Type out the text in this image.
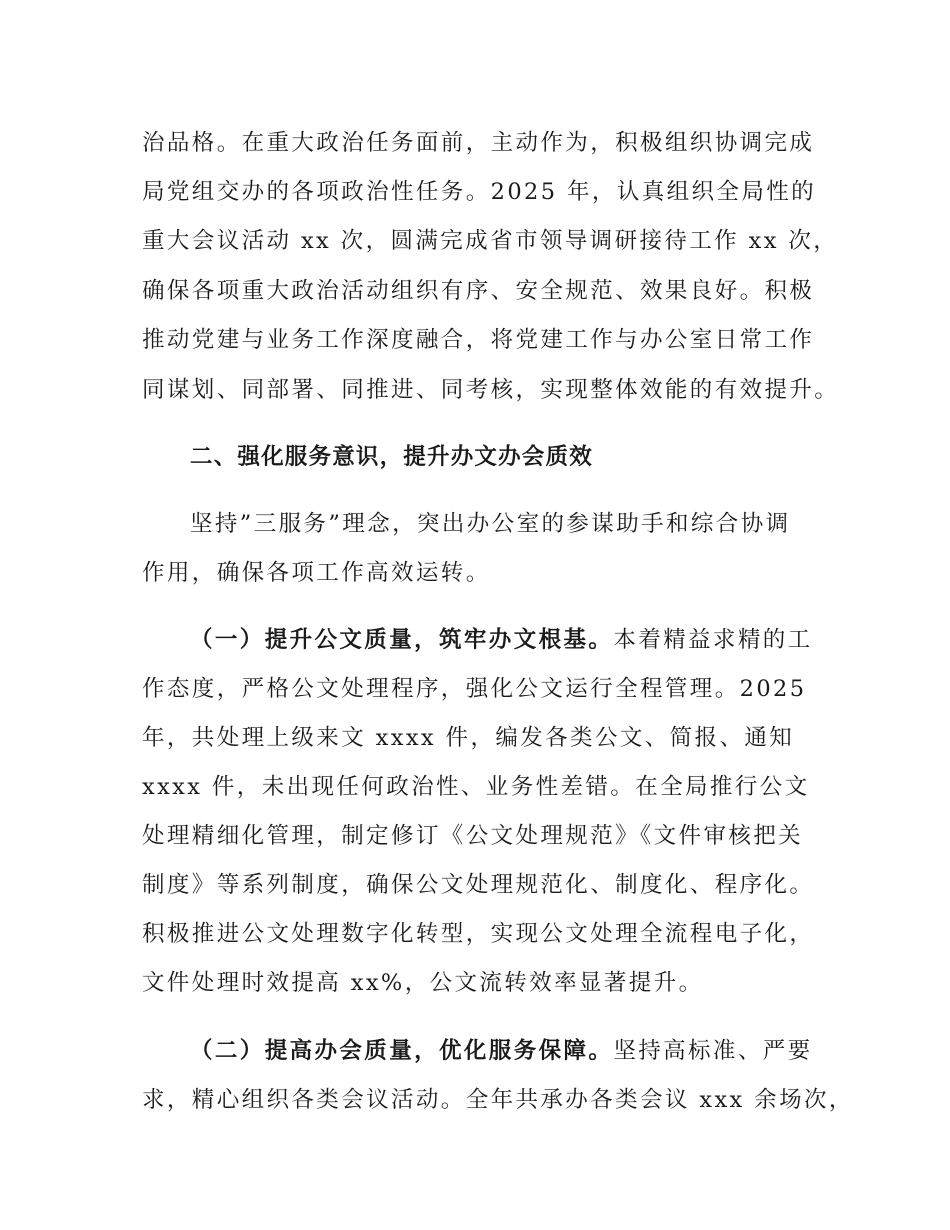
治品格。在重大政治任务面前，主动作为，积极组织协调完成
局党组交办的各项政治性任务。2025 年，认真组织全局性的
重大会议活动 xx 次，圆满完成省市领导调研接待工作 xx 次，
确保各项重大政治活动组织有序、安全规范、效果良好。积极
推动党建与业务工作深度融合，将党建工作与办公室日常工作
同谋划、同部署、同推进、同考核，实现整体效能的有效提升。
二、强化服务意识，提升办文办会质效
坚持”三服务”理念，突出办公室的参谋助手和综合协调
作用，确保各项工作高效运转。
（一）提升公文质量，筑牢办文根基。本着精益求精的工
作态度，严格公文处理程序，强化公文运行全程管理。2025
年，共处理上级来文 xxxx 件，编发各类公文、简报、通知
xxxx 件，未出现任何政治性、业务性差错。在全局推行公文
处理精细化管理，制定修订《公文处理规范》《文件审核把关
制度》等系列制度，确保公文处理规范化、制度化、程序化。
积极推进公文处理数字化转型，实现公文处理全流程电子化，
文件处理时效提高 xx%，公文流转效率显著提升。
（二）提高办会质量，优化服务保障。坚持高标准、严要
求，精心组织各类会议活动。全年共承办各类会议 xxx 余场次，
